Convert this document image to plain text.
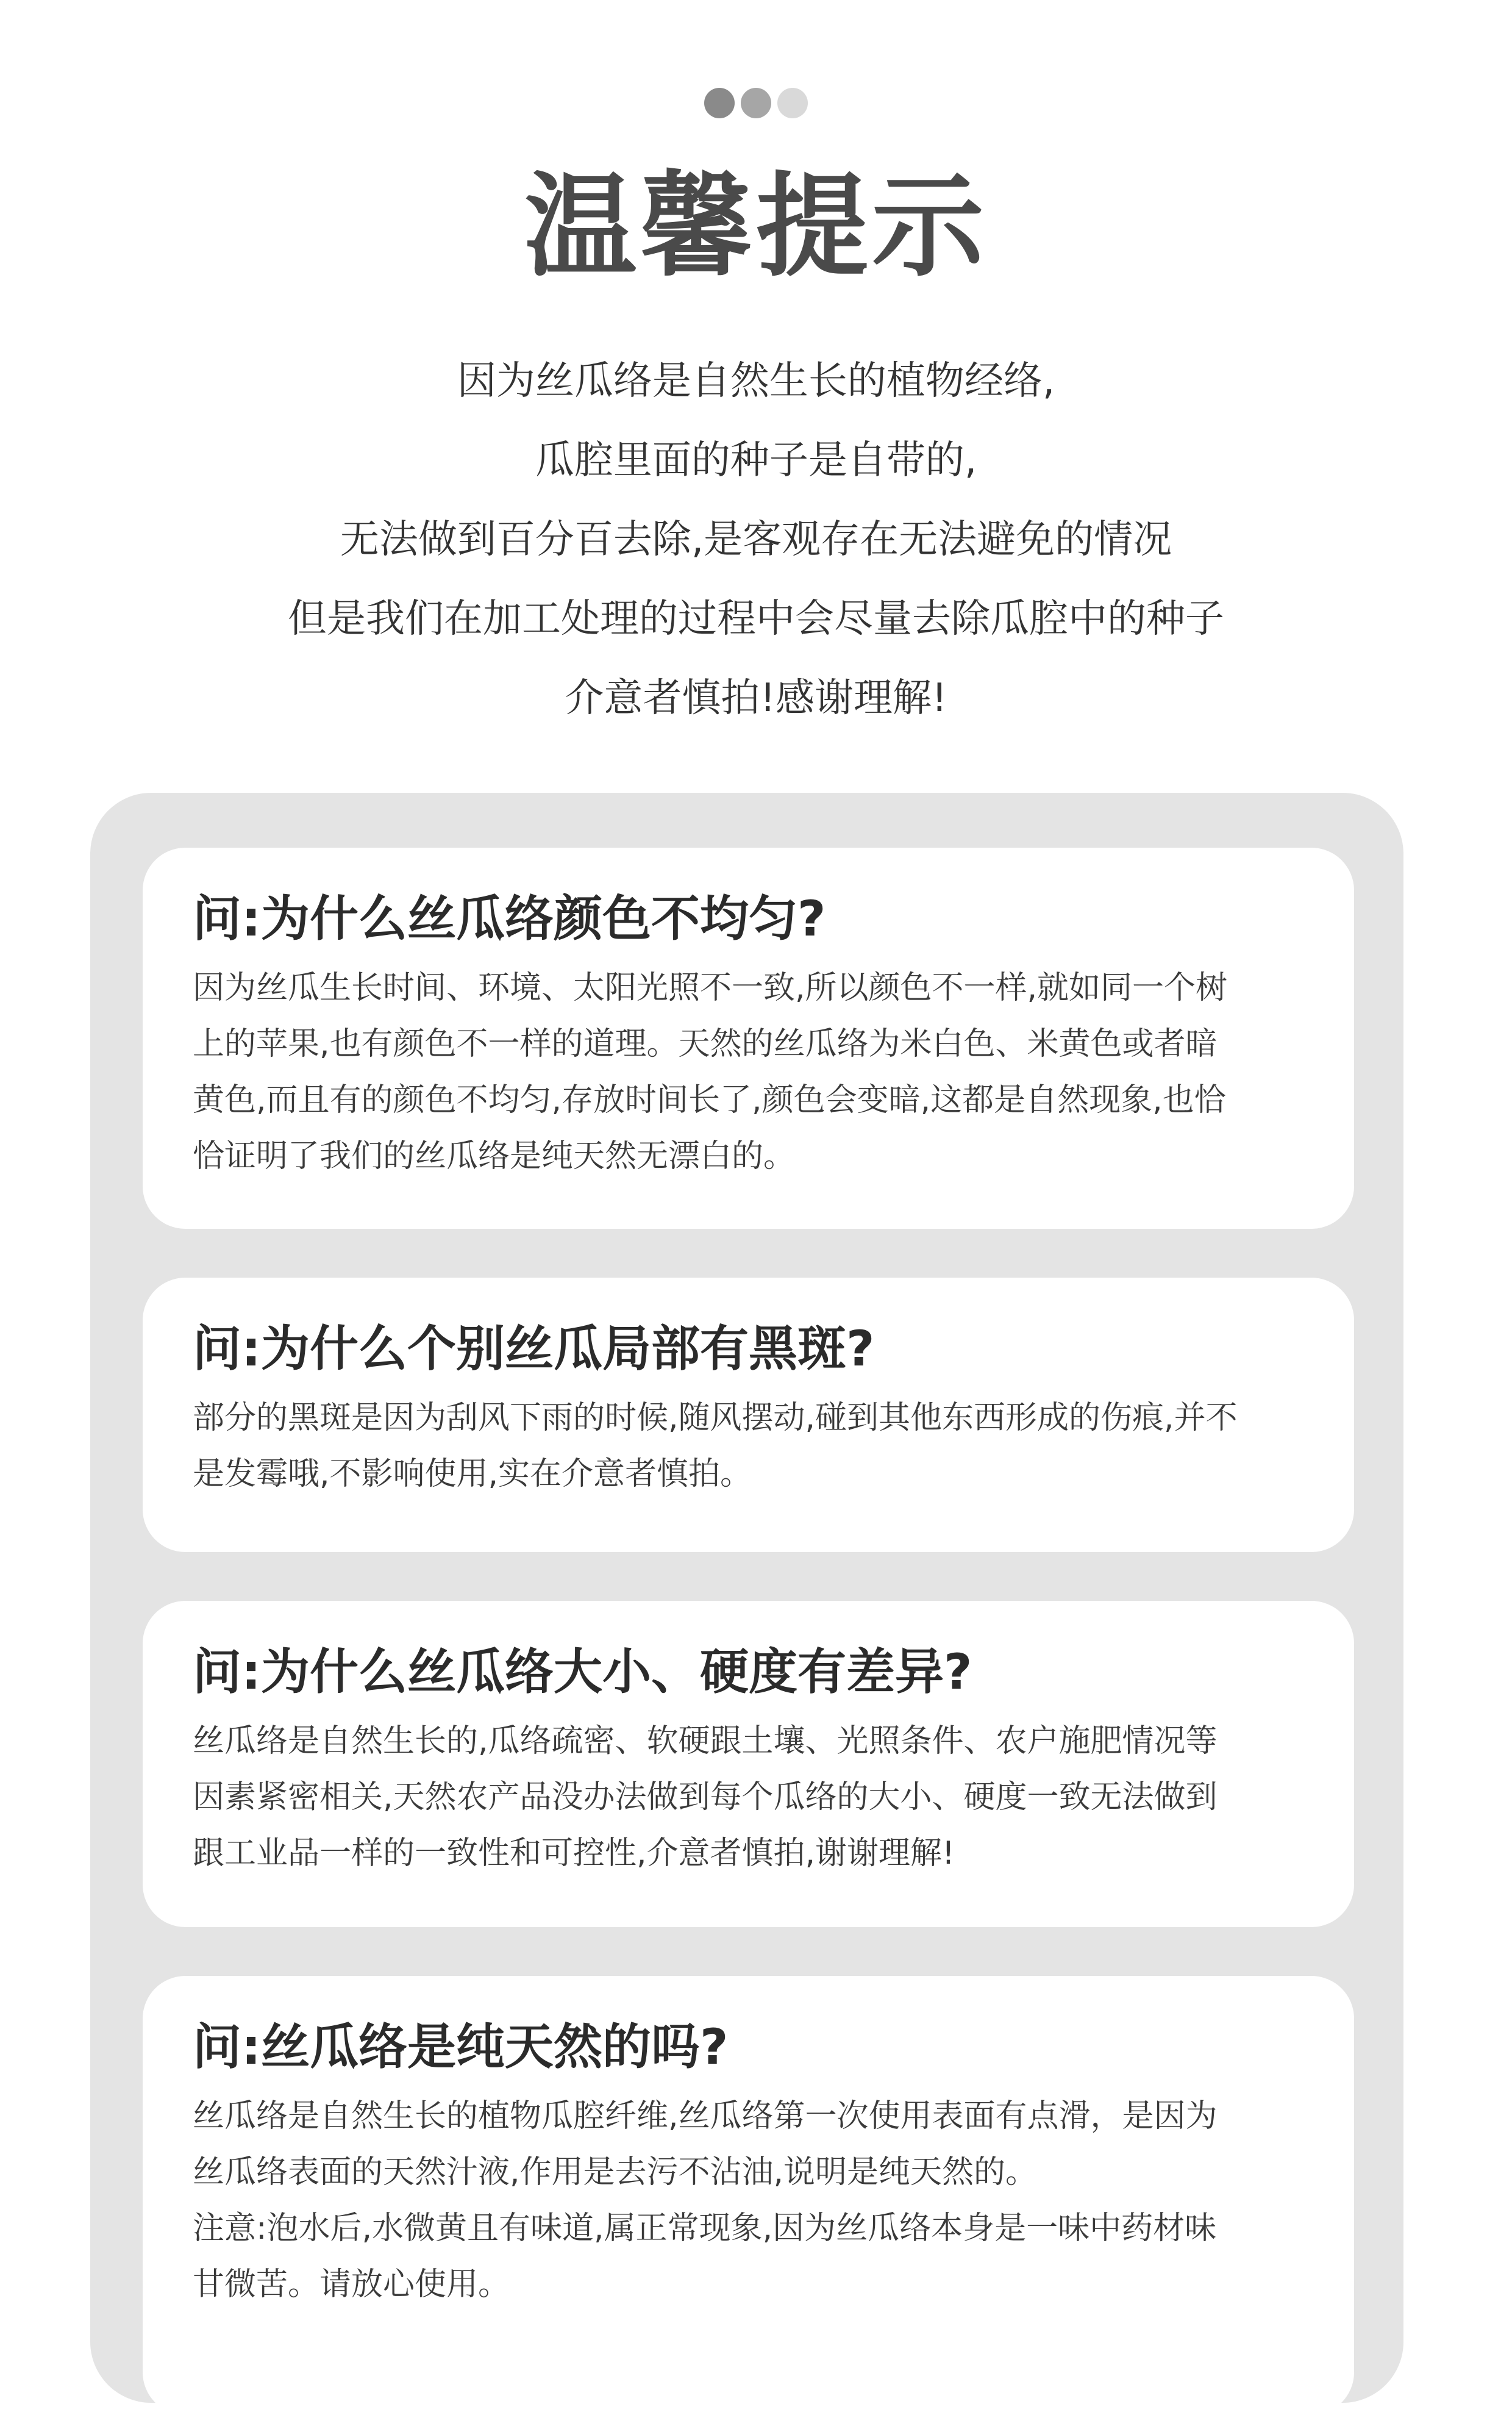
温馨提示
因为丝瓜络是自然生长的植物经络,
瓜腔里面的种子是自带的,
无法做到百分百去除,是客观存在无法避免的情况
但是我们在加工处理的过程中会尽量去除瓜腔中的种子
介意者慎拍!感谢理解!
问:为什么丝瓜络颜色不均匀?

因为丝瓜生长时间、环境、太阳光照不一致,所以颜色不一样,就如同一个树

上的苹果,也有颜色不一样的道理。天然的丝瓜络为米白色、米黄色或者暗

黄色,而且有的颜色不均匀,存放时间长了,颜色会变暗,这都是自然现象,也恰

恰证明了我们的丝瓜络是纯天然无漂白的。

问:为什么个别丝瓜局部有黑斑?

部分的黑斑是因为刮风下雨的时候,随风摆动,碰到其他东西形成的伤痕,并不

是发霉哦,不影响使用,实在介意者慎拍。

问:为什么丝瓜络大小、硬度有差异?

丝瓜络是自然生长的,瓜络疏密、软硬跟土壤、光照条件、农户施肥情况等

因素紧密相关,天然农产品没办法做到每个瓜络的大小、硬度一致无法做到

跟工业品一样的一致性和可控性,介意者慎拍,谢谢理解!

问:丝瓜络是纯天然的吗?

丝瓜络是自然生长的植物瓜腔纤维,丝瓜络第一次使用表面有点滑，是因为

丝瓜络表面的天然汁液,作用是去污不沾油,说明是纯天然的。

注意:泡水后,水微黄且有味道,属正常现象,因为丝瓜络本身是一味中药材味

甘微苦。请放心使用。
